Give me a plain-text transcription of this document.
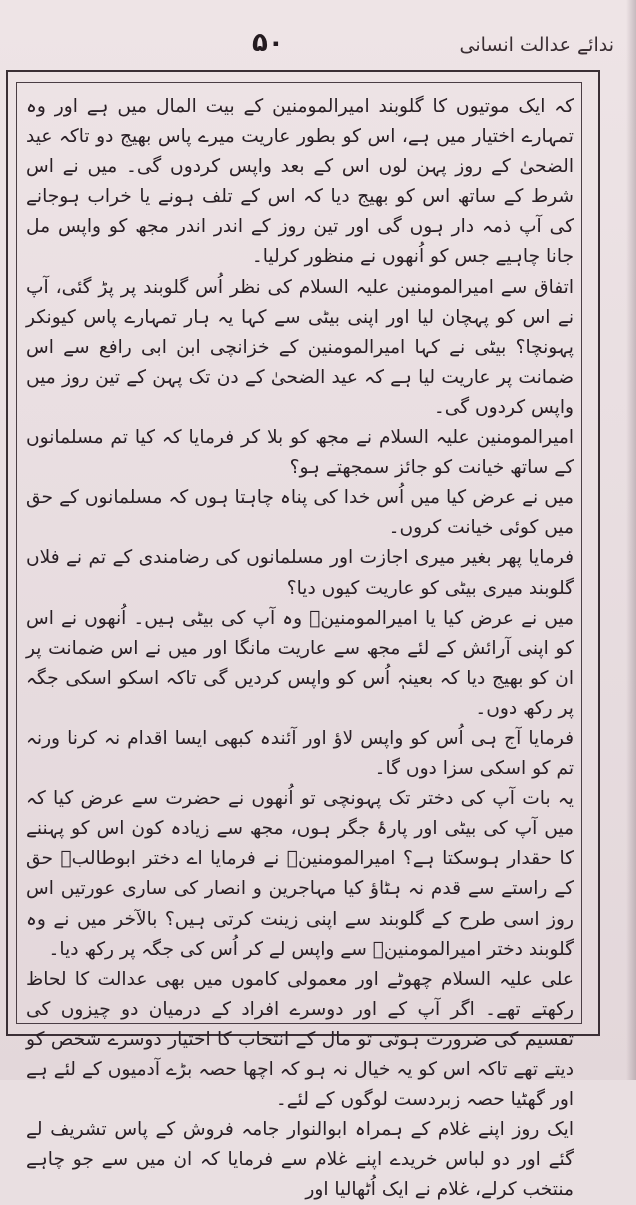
ندائے عدالت انسانی
۵۰

کہ ایک موتیوں کا گلوبند امیرالمومنین کے بیت المال میں ہے اور وہ تمہارے اختیار میں ہے، اس کو بطور عاریت میرے پاس بھیج دو تاکہ عید الضحیٰ کے روز پہن لوں اس کے بعد واپس کردوں گی۔ میں نے اس شرط کے ساتھ اس کو بھیج دیا کہ اس کے تلف ہونے یا خراب ہوجانے کی آپ ذمہ دار ہوں گی اور تین روز کے اندر اندر مجھ کو واپس مل جانا چاہیے جس کو اُنھوں نے منظور کرلیا۔

اتفاق سے امیرالمومنین علیہ السلام کی نظر اُس گلوبند پر پڑ گئی، آپ نے اس کو پہچان لیا اور اپنی بیٹی سے کہا یہ ہار تمہارے پاس کیونکر پہونچا؟ بیٹی نے کہا امیرالمومنین کے خزانچی ابن ابی رافع سے اس ضمانت پر عاریت لیا ہے کہ عید الضحیٰ کے دن تک پہن کے تین روز میں واپس کردوں گی۔

امیرالمومنین علیہ السلام نے مجھ کو بلا کر فرمایا کہ کیا تم مسلمانوں کے ساتھ خیانت کو جائز سمجھتے ہو؟

میں نے عرض کیا میں اُس خدا کی پناہ چاہتا ہوں کہ مسلمانوں کے حق میں کوئی خیانت کروں۔

فرمایا پھر بغیر میری اجازت اور مسلمانوں کی رضامندی کے تم نے فلاں گلوبند میری بیٹی کو عاریت کیوں دیا؟

میں نے عرض کیا یا امیرالمومنینؑ وہ آپ کی بیٹی ہیں۔ اُنھوں نے اس کو اپنی آرائش کے لئے مجھ سے عاریت مانگا اور میں نے اس ضمانت پر ان کو بھیج دیا کہ بعینہٖ اُس کو واپس کردیں گی تاکہ اسکو اسکی جگہ پر رکھ دوں۔

فرمایا آج ہی اُس کو واپس لاؤ اور آئندہ کبھی ایسا اقدام نہ کرنا ورنہ تم کو اسکی سزا دوں گا۔

یہ بات آپ کی دختر تک پہونچی تو اُنھوں نے حضرت سے عرض کیا کہ میں آپ کی بیٹی اور پارۂ جگر ہوں، مجھ سے زیادہ کون اس کو پہننے کا حقدار ہوسکتا ہے؟ امیرالمومنینؑ نے فرمایا اے دختر ابوطالبؑ حق کے راستے سے قدم نہ ہٹاؤ کیا مہاجرین و انصار کی ساری عورتیں اس روز اسی طرح کے گلوبند سے اپنی زینت کرتی ہیں؟ بالآخر میں نے وہ گلوبند دختر امیرالمومنینؑ سے واپس لے کر اُس کی جگہ پر رکھ دیا۔

علی علیہ السلام چھوٹے اور معمولی کاموں میں بھی عدالت کا لحاظ رکھتے تھے۔ اگر آپ کے اور دوسرے افراد کے درمیان دو چیزوں کی تقسیم کی ضرورت ہوتی تو مال کے انتخاب کا اختیار دوسرے شخص کو دیتے تھے تاکہ اس کو یہ خیال نہ ہو کہ اچھا حصہ بڑے آدمیوں کے لئے ہے اور گھٹیا حصہ زبردست لوگوں کے لئے۔

ایک روز اپنے غلام کے ہمراہ ابوالنوار جامہ فروش کے پاس تشریف لے گئے اور دو لباس خریدے اپنے غلام سے فرمایا کہ ان میں سے جو چاہے منتخب کرلے، غلام نے ایک اُٹھالیا اور
